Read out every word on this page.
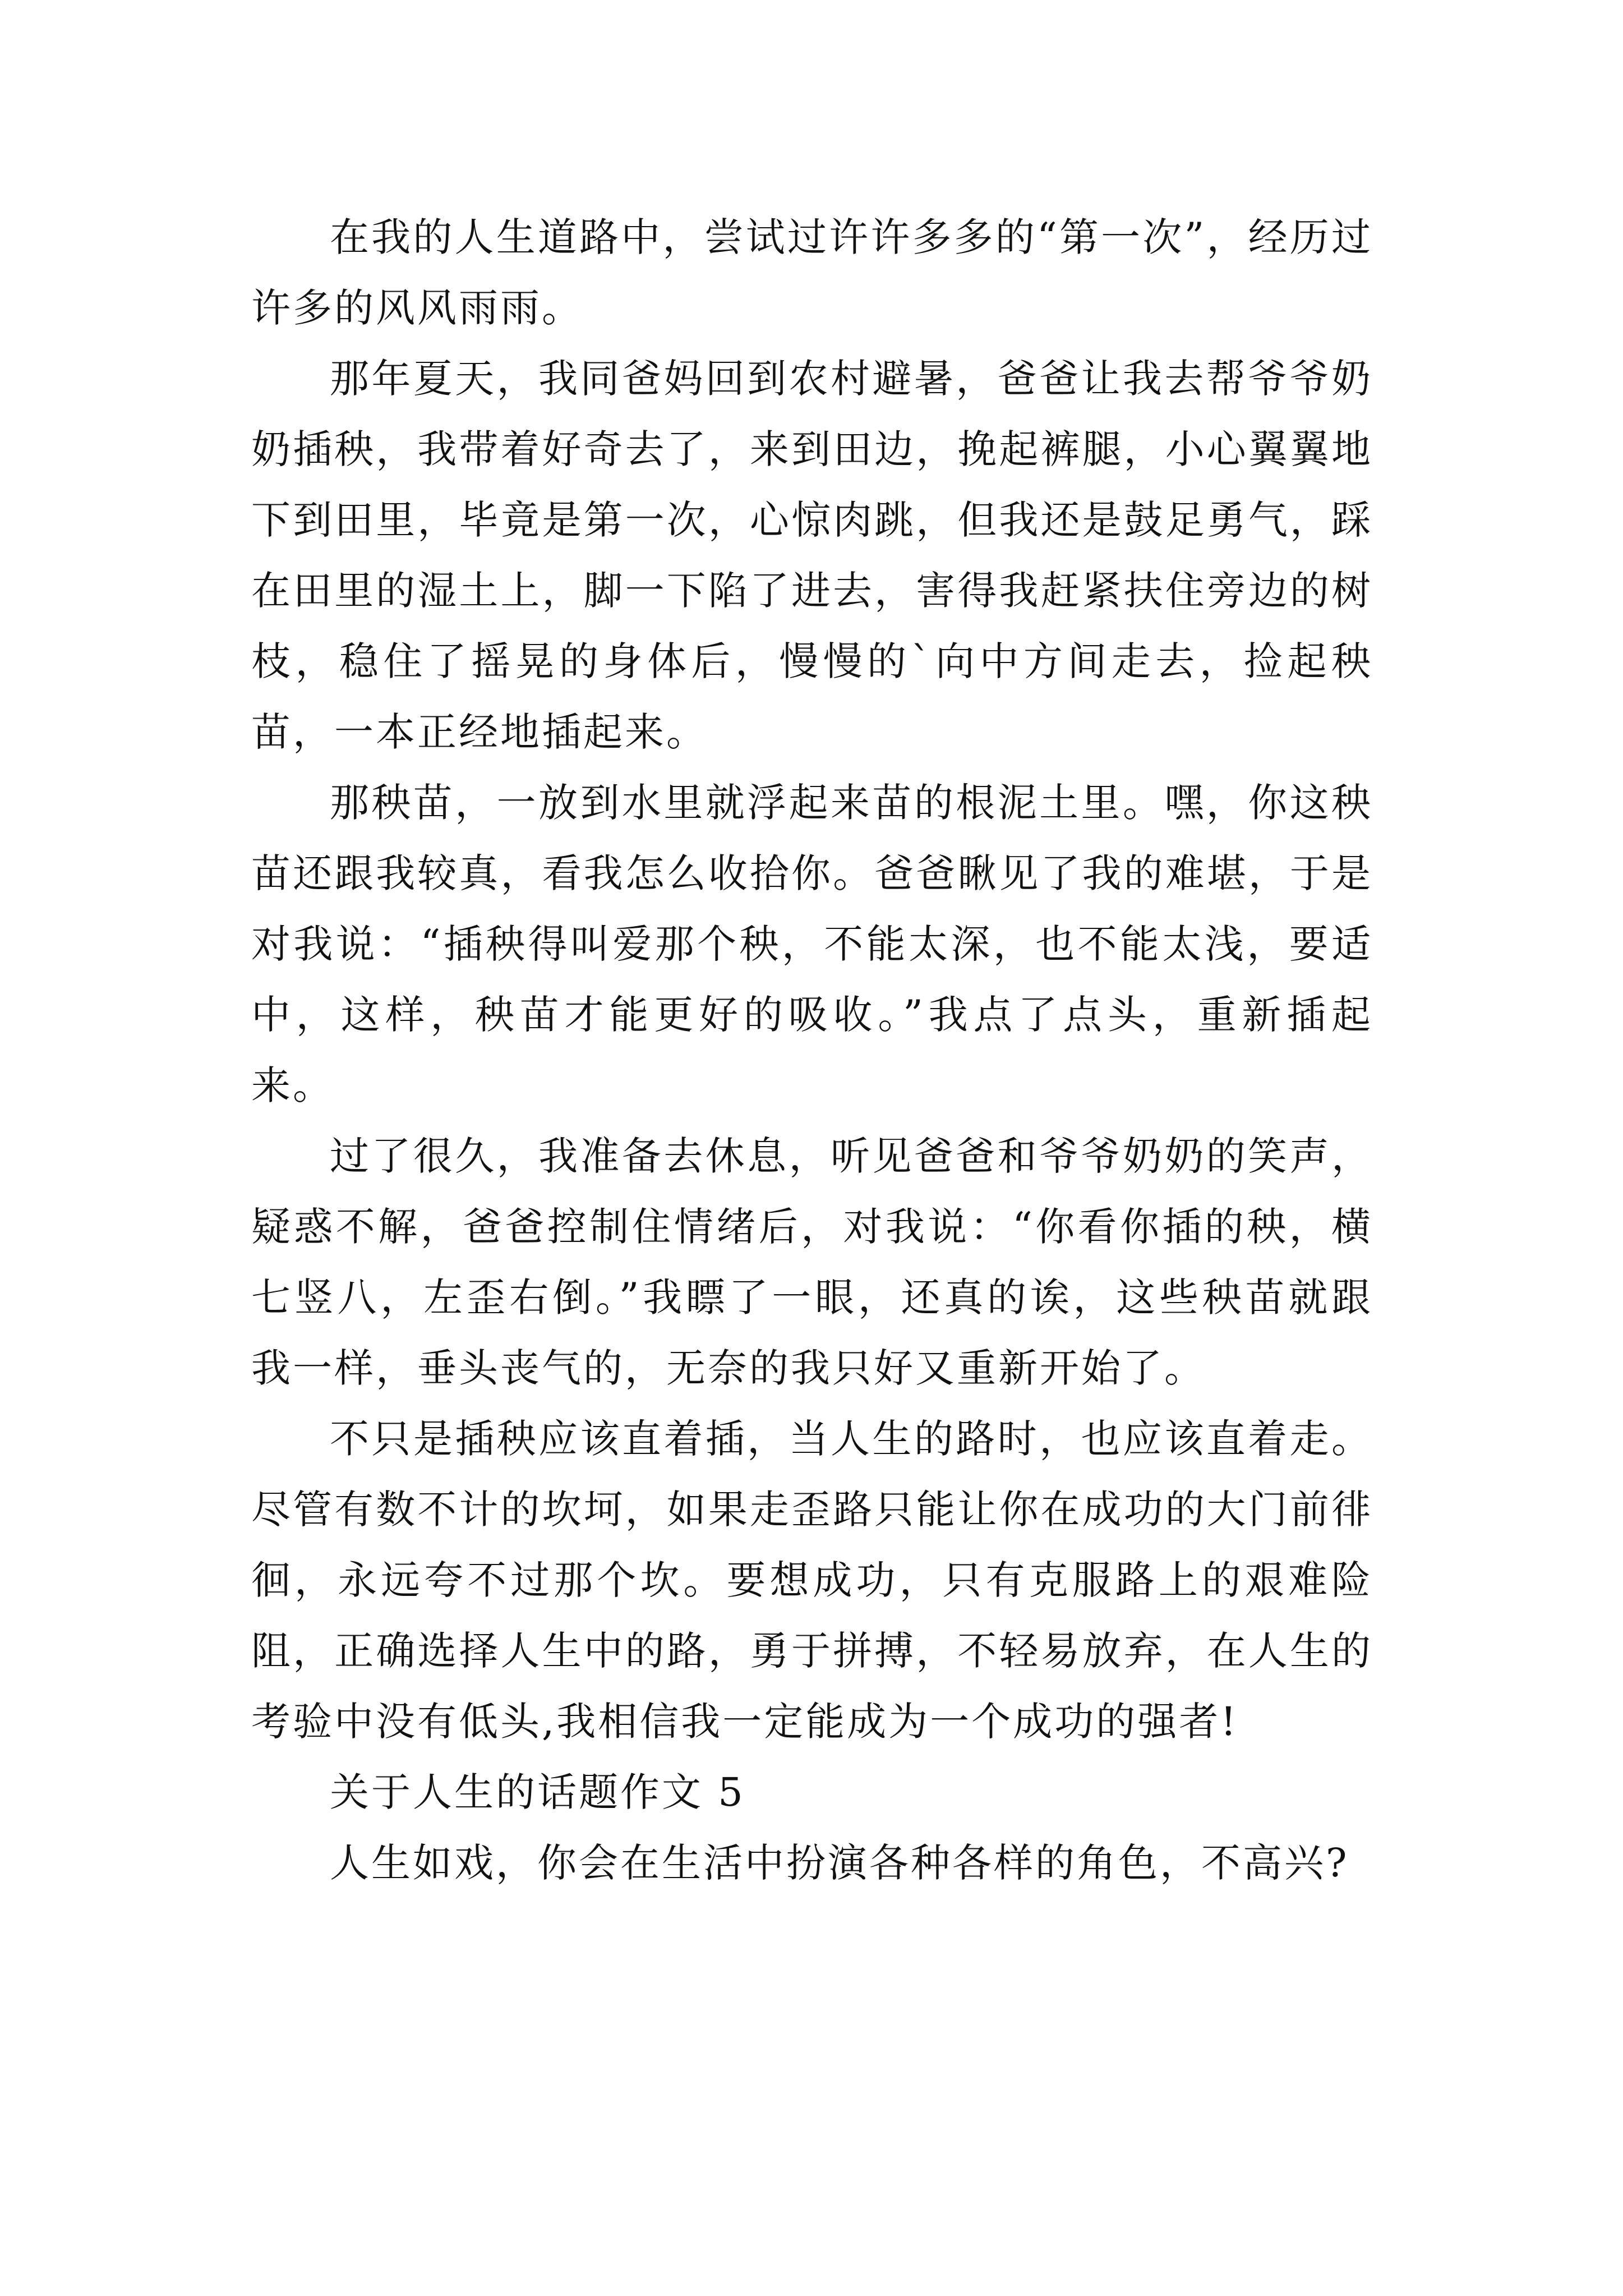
在我的人生道路中，尝试过许许多多的“第一次”，经历过许多的风风雨雨。

那年夏天，我同爸妈回到农村避暑，爸爸让我去帮爷爷奶奶插秧，我带着好奇去了，来到田边，挽起裤腿，小心翼翼地下到田里，毕竟是第一次，心惊肉跳，但我还是鼓足勇气，踩在田里的湿土上，脚一下陷了进去，害得我赶紧扶住旁边的树枝，稳住了摇晃的身体后，慢慢的`向中方间走去，捡起秧苗，一本正经地插起来。

那秧苗，一放到水里就浮起来苗的根泥土里。嘿，你这秧苗还跟我较真，看我怎么收拾你。爸爸瞅见了我的难堪，于是对我说：“插秧得叫爱那个秧，不能太深，也不能太浅，要适中，这样，秧苗才能更好的吸收。”我点了点头，重新插起来。

过了很久，我准备去休息，听见爸爸和爷爷奶奶的笑声，疑惑不解，爸爸控制住情绪后，对我说：“你看你插的秧，横七竖八，左歪右倒。”我瞟了一眼，还真的诶，这些秧苗就跟我一样，垂头丧气的，无奈的我只好又重新开始了。

不只是插秧应该直着插，当人生的路时，也应该直着走。尽管有数不计的坎坷，如果走歪路只能让你在成功的大门前徘徊，永远夸不过那个坎。要想成功，只有克服路上的艰难险阻，正确选择人生中的路，勇于拼搏，不轻易放弃，在人生的考验中没有低头,我相信我一定能成为一个成功的强者!

关于人生的话题作文 5

人生如戏，你会在生活中扮演各种各样的角色，不高兴?
